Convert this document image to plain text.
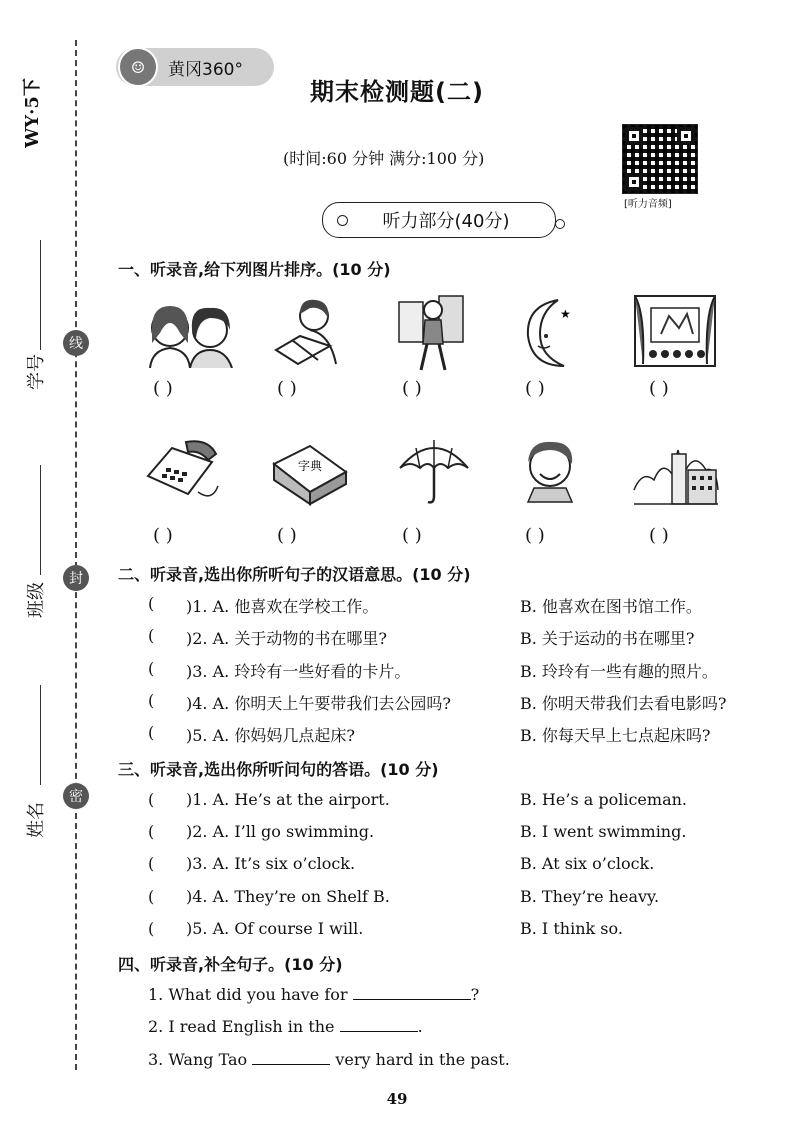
WY·5下
学号
线
班级
封
姓名
密
☺	黄冈360°
期末检测题(二)
(时间:60 分钟 满分:100 分)
[听力音频]
听力部分(40分)
一、听录音,给下列图片排序。(10 分)
★
( )	( )	( )	( )	( )
字典
( )	( )	( )	( )	( )
二、听录音,选出你所听句子的汉语意思。(10 分)
( )1. A. 他喜欢在学校工作。	B. 他喜欢在图书馆工作。
( )2. A. 关于动物的书在哪里?	B. 关于运动的书在哪里?
( )3. A. 玲玲有一些好看的卡片。	B. 玲玲有一些有趣的照片。
( )4. A. 你明天上午要带我们去公园吗?	B. 你明天带我们去看电影吗?
( )5. A. 你妈妈几点起床?	B. 你每天早上七点起床吗?
三、听录音,选出你所听问句的答语。(10 分)
( )1. A. He’s at the airport.	B. He’s a policeman.
( )2. A. I’ll go swimming.	B. I went swimming.
( )3. A. It’s six o’clock.	B. At six o’clock.
( )4. A. They’re on Shelf B.	B. They’re heavy.
( )5. A. Of course I will.	B. I think so.
四、听录音,补全句子。(10 分)
1. What did you have for	?
2. I read English in the	.
3. Wang Tao	very hard in the past.
49
